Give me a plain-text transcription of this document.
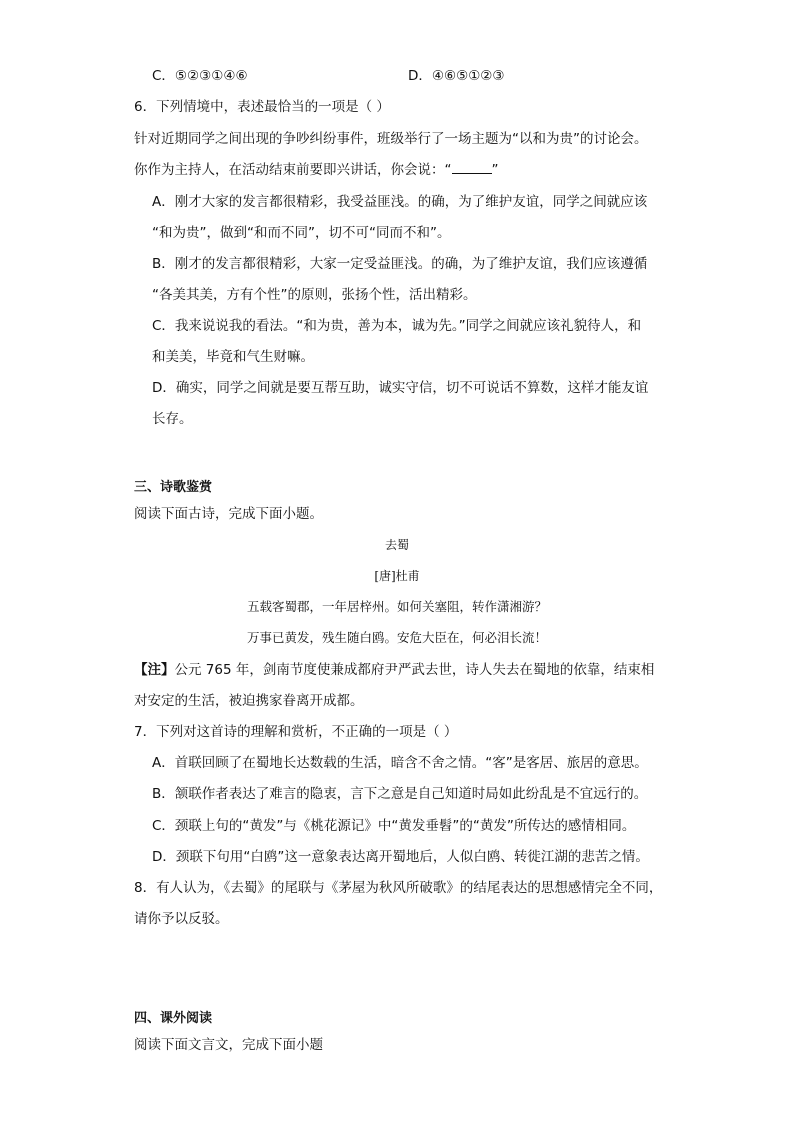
C．⑤②③①④⑥	D．④⑥⑤①②③
6．下列情境中，表述最恰当的一项是（ ）
针对近期同学之间出现的争吵纠纷事件，班级举行了一场主题为“以和为贵”的讨论会。
你作为主持人，在活动结束前要即兴讲话，你会说：“	”
A．刚才大家的发言都很精彩，我受益匪浅。的确，为了维护友谊，同学之间就应该
“和为贵”，做到“和而不同”，切不可“同而不和”。
B．刚才的发言都很精彩，大家一定受益匪浅。的确，为了维护友谊，我们应该遵循
“各美其美，方有个性”的原则，张扬个性，活出精彩。
C．我来说说我的看法。“和为贵，善为本，诚为先。”同学之间就应该礼貌待人，和
和美美，毕竟和气生财嘛。
D．确实，同学之间就是要互帮互助，诚实守信，切不可说话不算数，这样才能友谊
长存。
三、诗歌鉴赏
阅读下面古诗，完成下面小题。
去蜀
[唐]杜甫
五载客蜀郡，一年居梓州。如何关塞阻，转作潇湘游？
万事已黄发，残生随白鸥。安危大臣在，何必泪长流！
【注】公元 765 年，剑南节度使兼成都府尹严武去世，诗人失去在蜀地的依靠，结束相
对安定的生活，被迫携家眷离开成都。
7．下列对这首诗的理解和赏析，不正确的一项是（ ）
A．首联回顾了在蜀地长达数载的生活，暗含不舍之情。“客”是客居、旅居的意思。
B．颔联作者表达了难言的隐衷，言下之意是自己知道时局如此纷乱是不宜远行的。
C．颈联上句的“黄发”与《桃花源记》中“黄发垂髫”的“黄发”所传达的感情相同。
D．颈联下句用“白鸥”这一意象表达离开蜀地后，人似白鸥、转徙江湖的悲苦之情。
8．有人认为，《去蜀》的尾联与《茅屋为秋风所破歌》的结尾表达的思想感情完全不同，
请你予以反驳。
四、课外阅读
阅读下面文言文，完成下面小题
